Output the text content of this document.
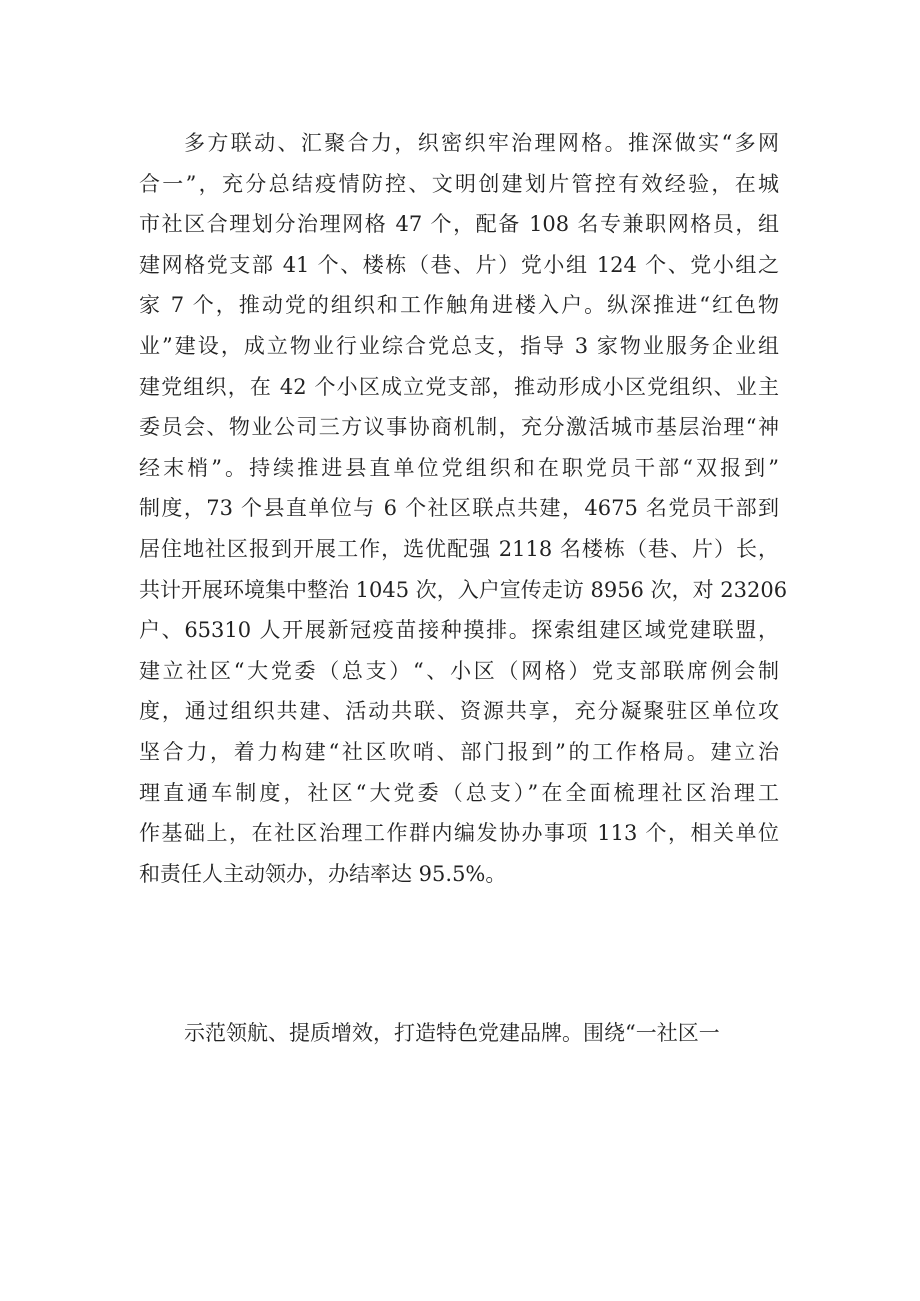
多方联动、汇聚合力，织密织牢治理网格。推深做实“多网
合一”，充分总结疫情防控、文明创建划片管控有效经验，在城
市社区合理划分治理网格 47 个，配备 108 名专兼职网格员，组
建网格党支部 41 个、楼栋（巷、片）党小组 124 个、党小组之
家 7 个，推动党的组织和工作触角进楼入户。纵深推进“红色物
业”建设，成立物业行业综合党总支，指导 3 家物业服务企业组
建党组织，在 42 个小区成立党支部，推动形成小区党组织、业主
委员会、物业公司三方议事协商机制，充分激活城市基层治理“神
经末梢”。持续推进县直单位党组织和在职党员干部“双报到”
制度，73 个县直单位与 6 个社区联点共建，4675 名党员干部到
居住地社区报到开展工作，选优配强 2118 名楼栋（巷、片）长，
共计开展环境集中整治 1045 次，入户宣传走访 8956 次，对 23206
户、65310 人开展新冠疫苗接种摸排。探索组建区域党建联盟，
建立社区“大党委（总支）“、小区（网格）党支部联席例会制
度，通过组织共建、活动共联、资源共享，充分凝聚驻区单位攻
坚合力，着力构建“社区吹哨、部门报到”的工作格局。建立治
理直通车制度，社区“大党委（总支）”在全面梳理社区治理工
作基础上，在社区治理工作群内编发协办事项 113 个，相关单位
和责任人主动领办，办结率达 95.5%。
示范领航、提质增效，打造特色党建品牌。围绕“一社区一
